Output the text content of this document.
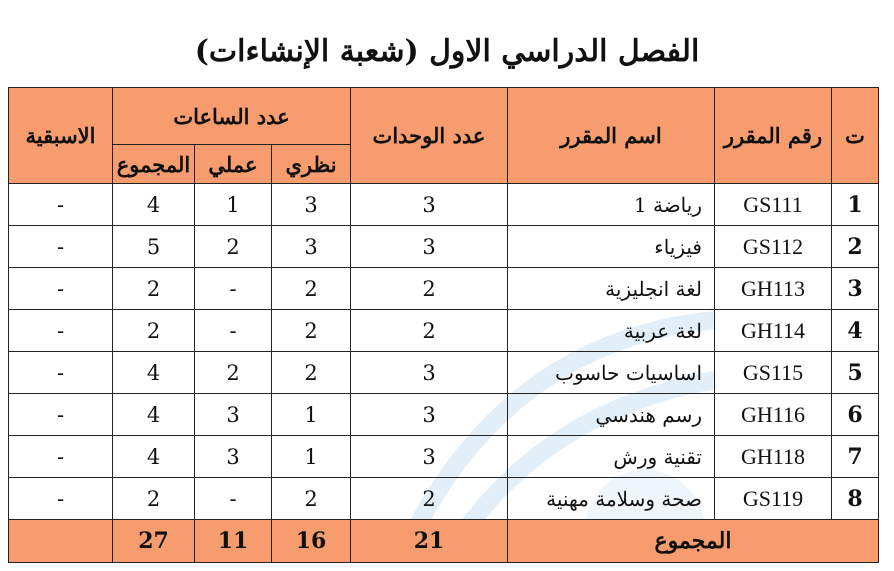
الفصل الدراسي الاول (شعبة الإنشاءات)
ت	رقم المقرر	اسم المقرر	عدد الوحدات	عدد الساعات			الاسبقية
				نظري	عملي	المجموع	
1	GS111	رياضة 1	3	3	1	4	-
2	GS112	فيزياء	3	3	2	5	-
3	GH113	لغة انجليزية	2	2	-	2	-
4	GH114	لغة عربية	2	2	-	2	-
5	GS115	اساسيات حاسوب	3	2	2	4	-
6	GH116	رسم هندسي	3	1	3	4	-
7	GH118	تقنية ورش	3	1	3	4	-
8	GS119	صحة وسلامة مهنية	2	2	-	2	-
المجموع			21	16	11	27	
